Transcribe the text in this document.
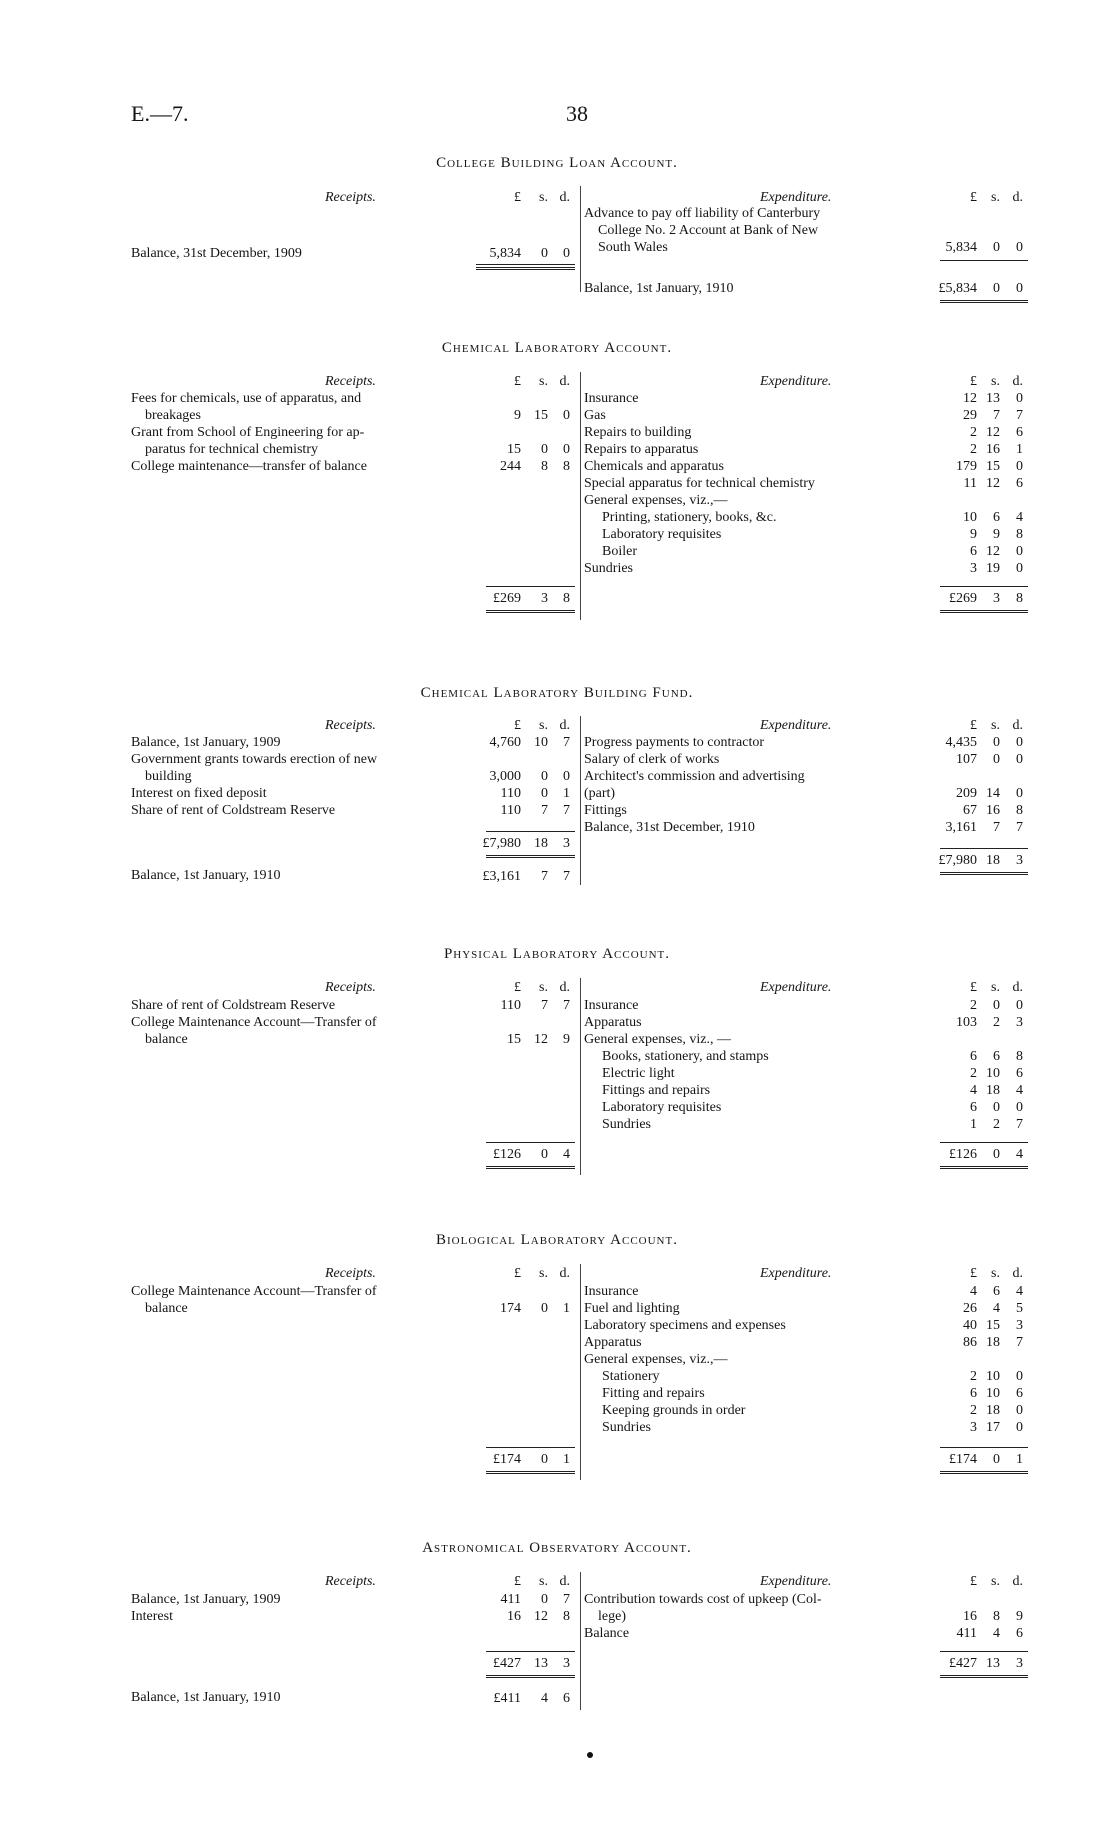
E.—7.	38
College Building Loan Account.
Receipts.	Expenditure.
£	s. d.	£	s. d.
Balance, 31st December, 1909	5,834	0	0
Advance to pay off liability of Canterbury
College No. 2 Account at Bank of New
South Wales	5,834	0	0
Balance, 1st January, 1910	£5,834	0	0
Chemical Laboratory Account.
Receipts.	Expenditure.
£	s. d.	£	s. d.
Fees for chemicals, use of apparatus, and
breakages	9 15	0
Grant from School of Engineering for ap-
paratus for technical chemistry	15	0	0
College maintenance—transfer of balance	244	8	8
Insurance	12 13	0
Gas	29	7	7
Repairs to building	2 12	6
Repairs to apparatus	2 16	1
Chemicals and apparatus	179 15	0
Special apparatus for technical chemistry	11 12	6
General expenses, viz.,—
Printing, stationery, books, &c.	10	6	4
Laboratory requisites	9	9	8
Boiler	6 12	0
Sundries	3 19	0
£269	3	8	£269	3	8
Chemical Laboratory Building Fund.
Receipts.	Expenditure.
£	s. d.	£	s. d.
Balance, 1st January, 1909	4,760 10	7
Government grants towards erection of new
building	3,000	0	0
Interest on fixed deposit	110	0	1
Share of rent of Coldstream Reserve	110	7	7
Progress payments to contractor	4,435	0	0
Salary of clerk of works	107	0	0
Architect's commission and advertising
(part)	209 14	0
Fittings	67 16	8
Balance, 31st December, 1910	3,161	7	7
£7,980 18	3
£7,980 18	3
Balance, 1st January, 1910	£3,161	7	7
Physical Laboratory Account.
Receipts.	Expenditure.
£	s. d.	£	s. d.
Share of rent of Coldstream Reserve	110	7	7
College Maintenance Account—Transfer of
balance	15 12	9
Insurance	2	0	0
Apparatus	103	2	3
General expenses, viz., —
Books, stationery, and stamps	6	6	8
Electric light	2 10	6
Fittings and repairs	4 18	4
Laboratory requisites	6	0	0
Sundries	1	2	7
£126	0	4	£126	0	4
Biological Laboratory Account.
Receipts.	Expenditure.
£	s. d.	£	s. d.
College Maintenance Account—Transfer of
balance	174	0	1
Insurance	4	6	4
Fuel and lighting	26	4	5
Laboratory specimens and expenses	40 15	3
Apparatus	86 18	7
General expenses, viz.,—
Stationery	2 10	0
Fitting and repairs	6 10	6
Keeping grounds in order	2 18	0
Sundries	3 17	0
£174	0	1	£174	0	1
Astronomical Observatory Account.
Receipts.	Expenditure.
£	s. d.	£	s. d.
Balance, 1st January, 1909	411	0	7
Interest	16 12	8
Contribution towards cost of upkeep (Col-
lege)	16	8	9
Balance	411	4	6
£427 13	3	£427 13	3
Balance, 1st January, 1910	£411	4	6
